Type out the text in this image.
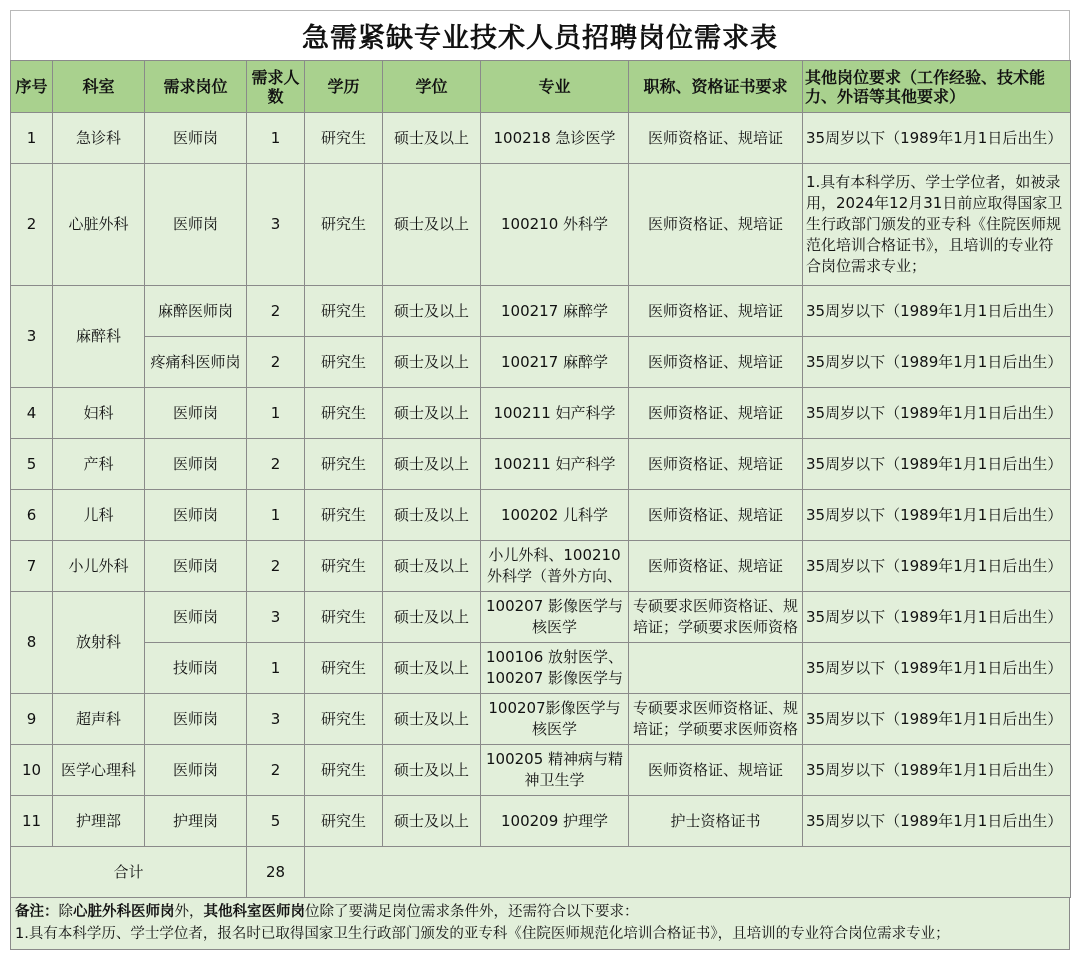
急需紧缺专业技术人员招聘岗位需求表
序号	科室	需求岗位	需求人数	学历	学位	专业	职称、资格证书要求	其他岗位要求（工作经验、技术能力、外语等其他要求）
1	急诊科	医师岗	1	研究生	硕士及以上	100218 急诊医学	医师资格证、规培证	35周岁以下（1989年1月1日后出生）
2	心脏外科	医师岗	3	研究生	硕士及以上	100210 外科学	医师资格证、规培证	1.具有本科学历、学士学位者，如被录用，2024年12月31日前应取得国家卫生行政部门颁发的亚专科《住院医师规范化培训合格证书》，且培训的专业符合岗位需求专业；
3	麻醉科	麻醉医师岗	2	研究生	硕士及以上	100217 麻醉学	医师资格证、规培证	35周岁以下（1989年1月1日后出生）
		疼痛科医师岗	2	研究生	硕士及以上	100217 麻醉学	医师资格证、规培证	35周岁以下（1989年1月1日后出生）
4	妇科	医师岗	1	研究生	硕士及以上	100211 妇产科学	医师资格证、规培证	35周岁以下（1989年1月1日后出生）
5	产科	医师岗	2	研究生	硕士及以上	100211 妇产科学	医师资格证、规培证	35周岁以下（1989年1月1日后出生）
6	儿科	医师岗	1	研究生	硕士及以上	100202 儿科学	医师资格证、规培证	35周岁以下（1989年1月1日后出生）
7	小儿外科	医师岗	2	研究生	硕士及以上	小儿外科、100210 外科学（普外方向、	医师资格证、规培证	35周岁以下（1989年1月1日后出生）
8	放射科	医师岗	3	研究生	硕士及以上	100207 影像医学与核医学	专硕要求医师资格证、规培证；学硕要求医师资格	35周岁以下（1989年1月1日后出生）
		技师岗	1	研究生	硕士及以上	100106 放射医学、100207 影像医学与		35周岁以下（1989年1月1日后出生）
9	超声科	医师岗	3	研究生	硕士及以上	100207影像医学与核医学	专硕要求医师资格证、规培证；学硕要求医师资格	35周岁以下（1989年1月1日后出生）
10	医学心理科	医师岗	2	研究生	硕士及以上	100205 精神病与精神卫生学	医师资格证、规培证	35周岁以下（1989年1月1日后出生）
11	护理部	护理岗	5	研究生	硕士及以上	100209 护理学	护士资格证书	35周岁以下（1989年1月1日后出生）
合计			28					
备注：除心脏外科医师岗外，其他科室医师岗位除了要满足岗位需求条件外，还需符合以下要求：
1.具有本科学历、学士学位者，报名时已取得国家卫生行政部门颁发的亚专科《住院医师规范化培训合格证书》，且培训的专业符合岗位需求专业；
